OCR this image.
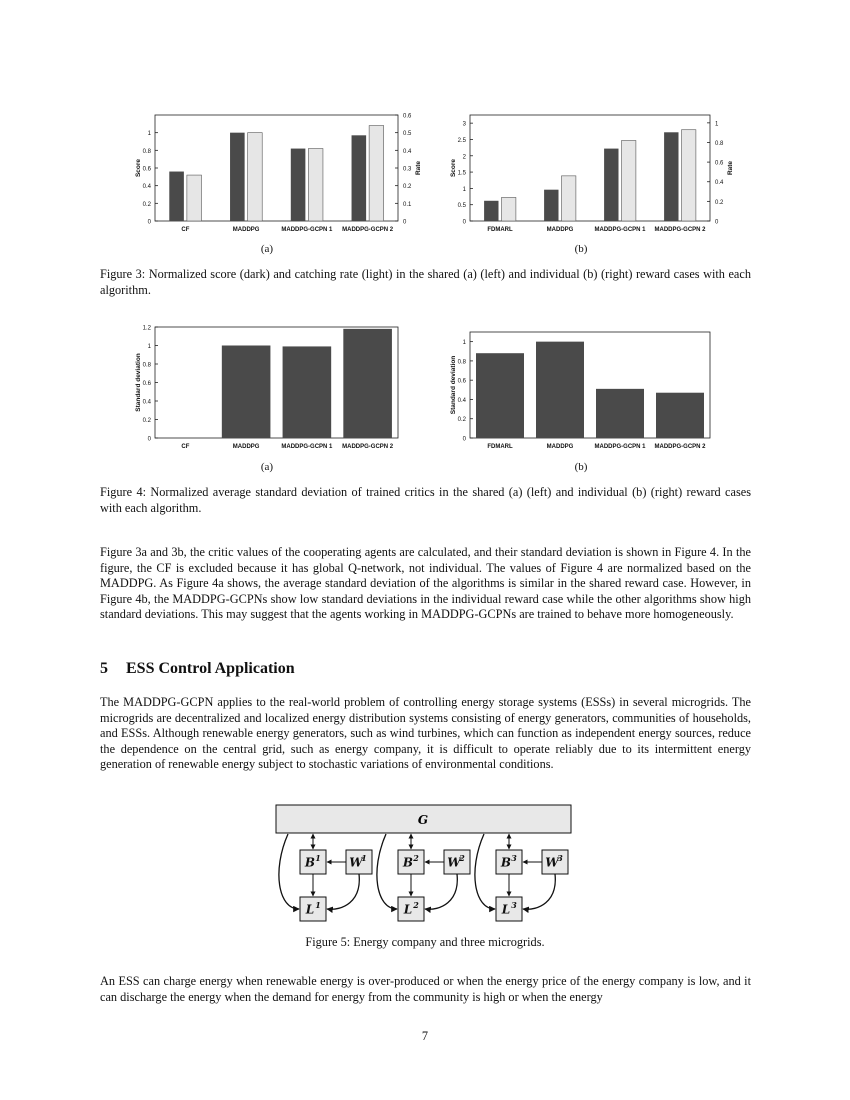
0
0.2
0.4
0.6
0.8
1
Score
0
0.1
0.2
0.3
0.4
0.5
0.6
Rate
CF	MADDPG	MADDPG-GCPN 1 MADDPG-GCPN 2
0
0.5
1
1.5
2
2.5
3
Score
0
0.2
0.4
0.6
0.8
1
Rate
FDMARL	MADDPG	MADDPG-GCPN 1 MADDPG-GCPN 2
(a)	(b)
Figure 3: Normalized score (dark) and catching rate (light) in the shared (a) (left) and individual (b) (right) reward cases with each algorithm.
0
0.2
0.4
0.6
0.8
1
1.2
Standard deviation
CF	MADDPG	MADDPG-GCPN 1 MADDPG-GCPN 2
0
0.2
0.4
0.6
0.8
1
Standard deviation
FDMARL	MADDPG	MADDPG-GCPN 1 MADDPG-GCPN 2
(a)	(b)
Figure 4: Normalized average standard deviation of trained critics in the shared (a) (left) and individual (b) (right) reward cases with each algorithm.

Figure 3a and 3b, the critic values of the cooperating agents are calculated, and their standard deviation is shown in Figure 4. In the figure, the CF is excluded because it has global Q-network, not individual. The values of Figure 4 are normalized based on the MADDPG. As Figure 4a shows, the average standard deviation of the algorithms is similar in the shared reward case. However, in Figure 4b, the MADDPG-GCPNs show low standard deviations in the individual reward case while the other algorithms show high standard deviations. This may suggest that the agents working in MADDPG-GCPNs are trained to behave more homogeneously.

5 ESS Control Application

The MADDPG-GCPN applies to the real-world problem of controlling energy storage systems (ESSs) in several microgrids. The microgrids are decentralized and localized energy distribution systems consisting of energy generators, communities of households, and ESSs. Although renewable energy generators, such as wind turbines, which can function as independent energy sources, reduce the dependence on the central grid, such as energy company, it is difficult to operate reliably due to its intermittent energy generation of renewable energy subject to stochastic variations of environmental conditions.

G
B 1 W
1
L 1
B 2 W
2
L 2
B 3 W
3
L 3
Figure 5: Energy company and three microgrids.

An ESS can charge energy when renewable energy is over-produced or when the energy price of the energy company is low, and it can discharge the energy when the demand for energy from the community is high or when the energy

7
